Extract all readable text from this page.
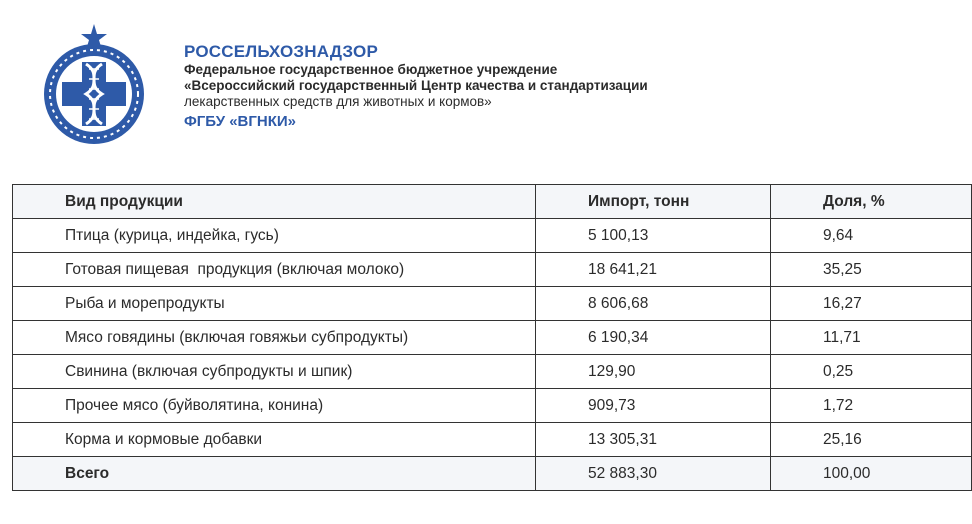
РОССЕЛЬХОЗНАДЗОР
Федеральное государственное бюджетное учреждение
«Всероссийский государственный Центр качества и стандартизации
лекарственных средств для животных и кормов»
ФГБУ «ВГНКИ»
Вид продукции	Импорт, тонн	Доля, %
Птица (курица, индейка, гусь)	5 100,13	9,64
Готовая пищевая  продукция (включая молоко)	18 641,21	35,25
Рыба и морепродукты	8 606,68	16,27
Мясо говядины (включая говяжьи субпродукты)	6 190,34	11,71
Свинина (включая субпродукты и шпик)	129,90	0,25
Прочее мясо (буйволятина, конина)	909,73	1,72
Корма и кормовые добавки	13 305,31	25,16
Всего	52 883,30	100,00
